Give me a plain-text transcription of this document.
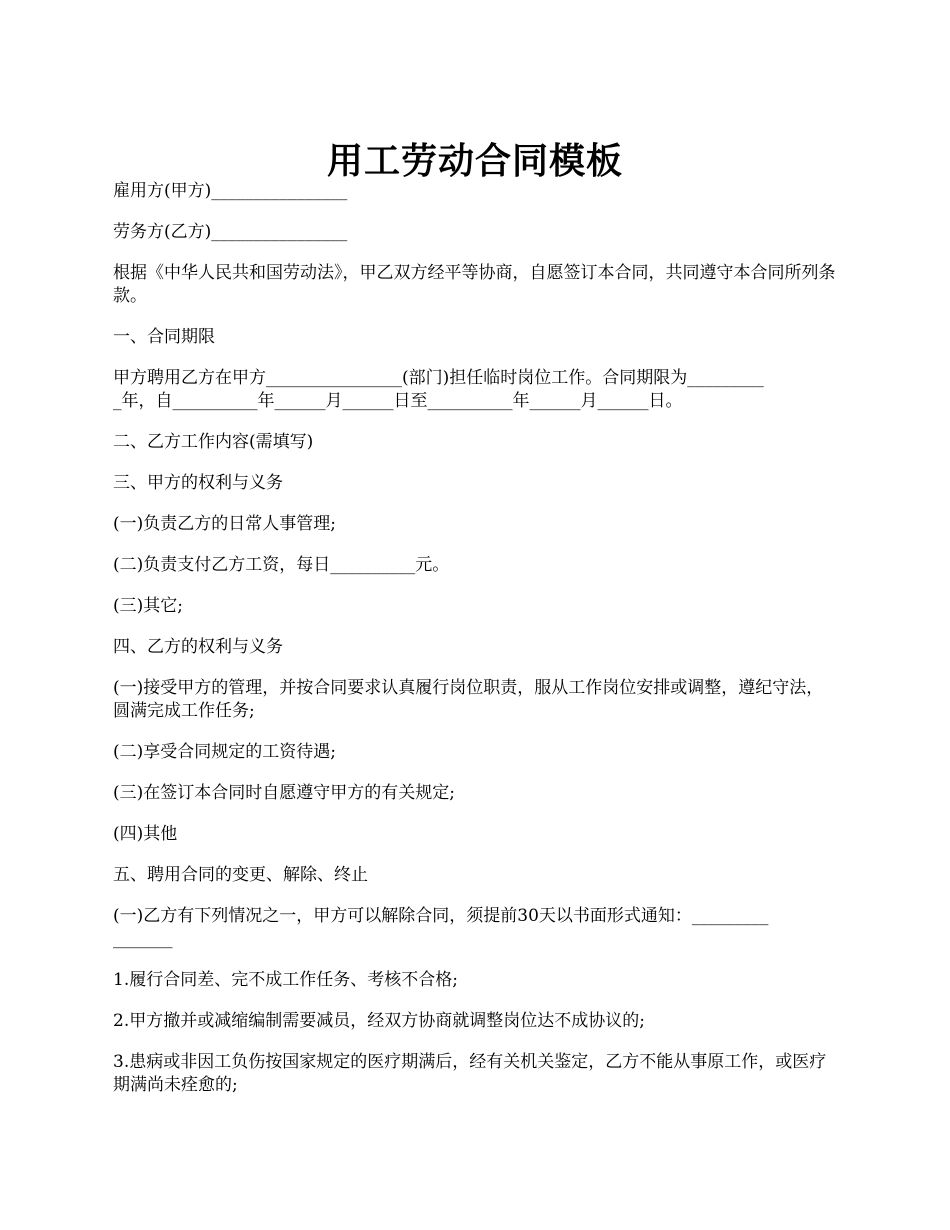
用工劳动合同模板

雇用方(甲方)________________

劳务方(乙方)________________

根据《中华人民共和国劳动法》，甲乙双方经平等协商，自愿签订本合同，共同遵守本合同所列条款。

一、合同期限

甲方聘用乙方在甲方________________(部门)担任临时岗位工作。合同期限为_________
_年，自__________年______月______日至__________年______月______日。

二、乙方工作内容(需填写)

三、甲方的权利与义务

(一)负责乙方的日常人事管理;

(二)负责支付乙方工资，每日__________元。

(三)其它;

四、乙方的权利与义务

(一)接受甲方的管理，并按合同要求认真履行岗位职责，服从工作岗位安排或调整，遵纪守法，圆满完成工作任务;

(二)享受合同规定的工资待遇;

(三)在签订本合同时自愿遵守甲方的有关规定;

(四)其他

五、聘用合同的变更、解除、终止

(一)乙方有下列情况之一，甲方可以解除合同，须提前30天以书面形式通知：_________
_______

1.履行合同差、完不成工作任务、考核不合格;

2.甲方撤并或减缩编制需要减员，经双方协商就调整岗位达不成协议的;

3.患病或非因工负伤按国家规定的医疗期满后，经有关机关鉴定，乙方不能从事原工作，或医疗期满尚未痊愈的;
